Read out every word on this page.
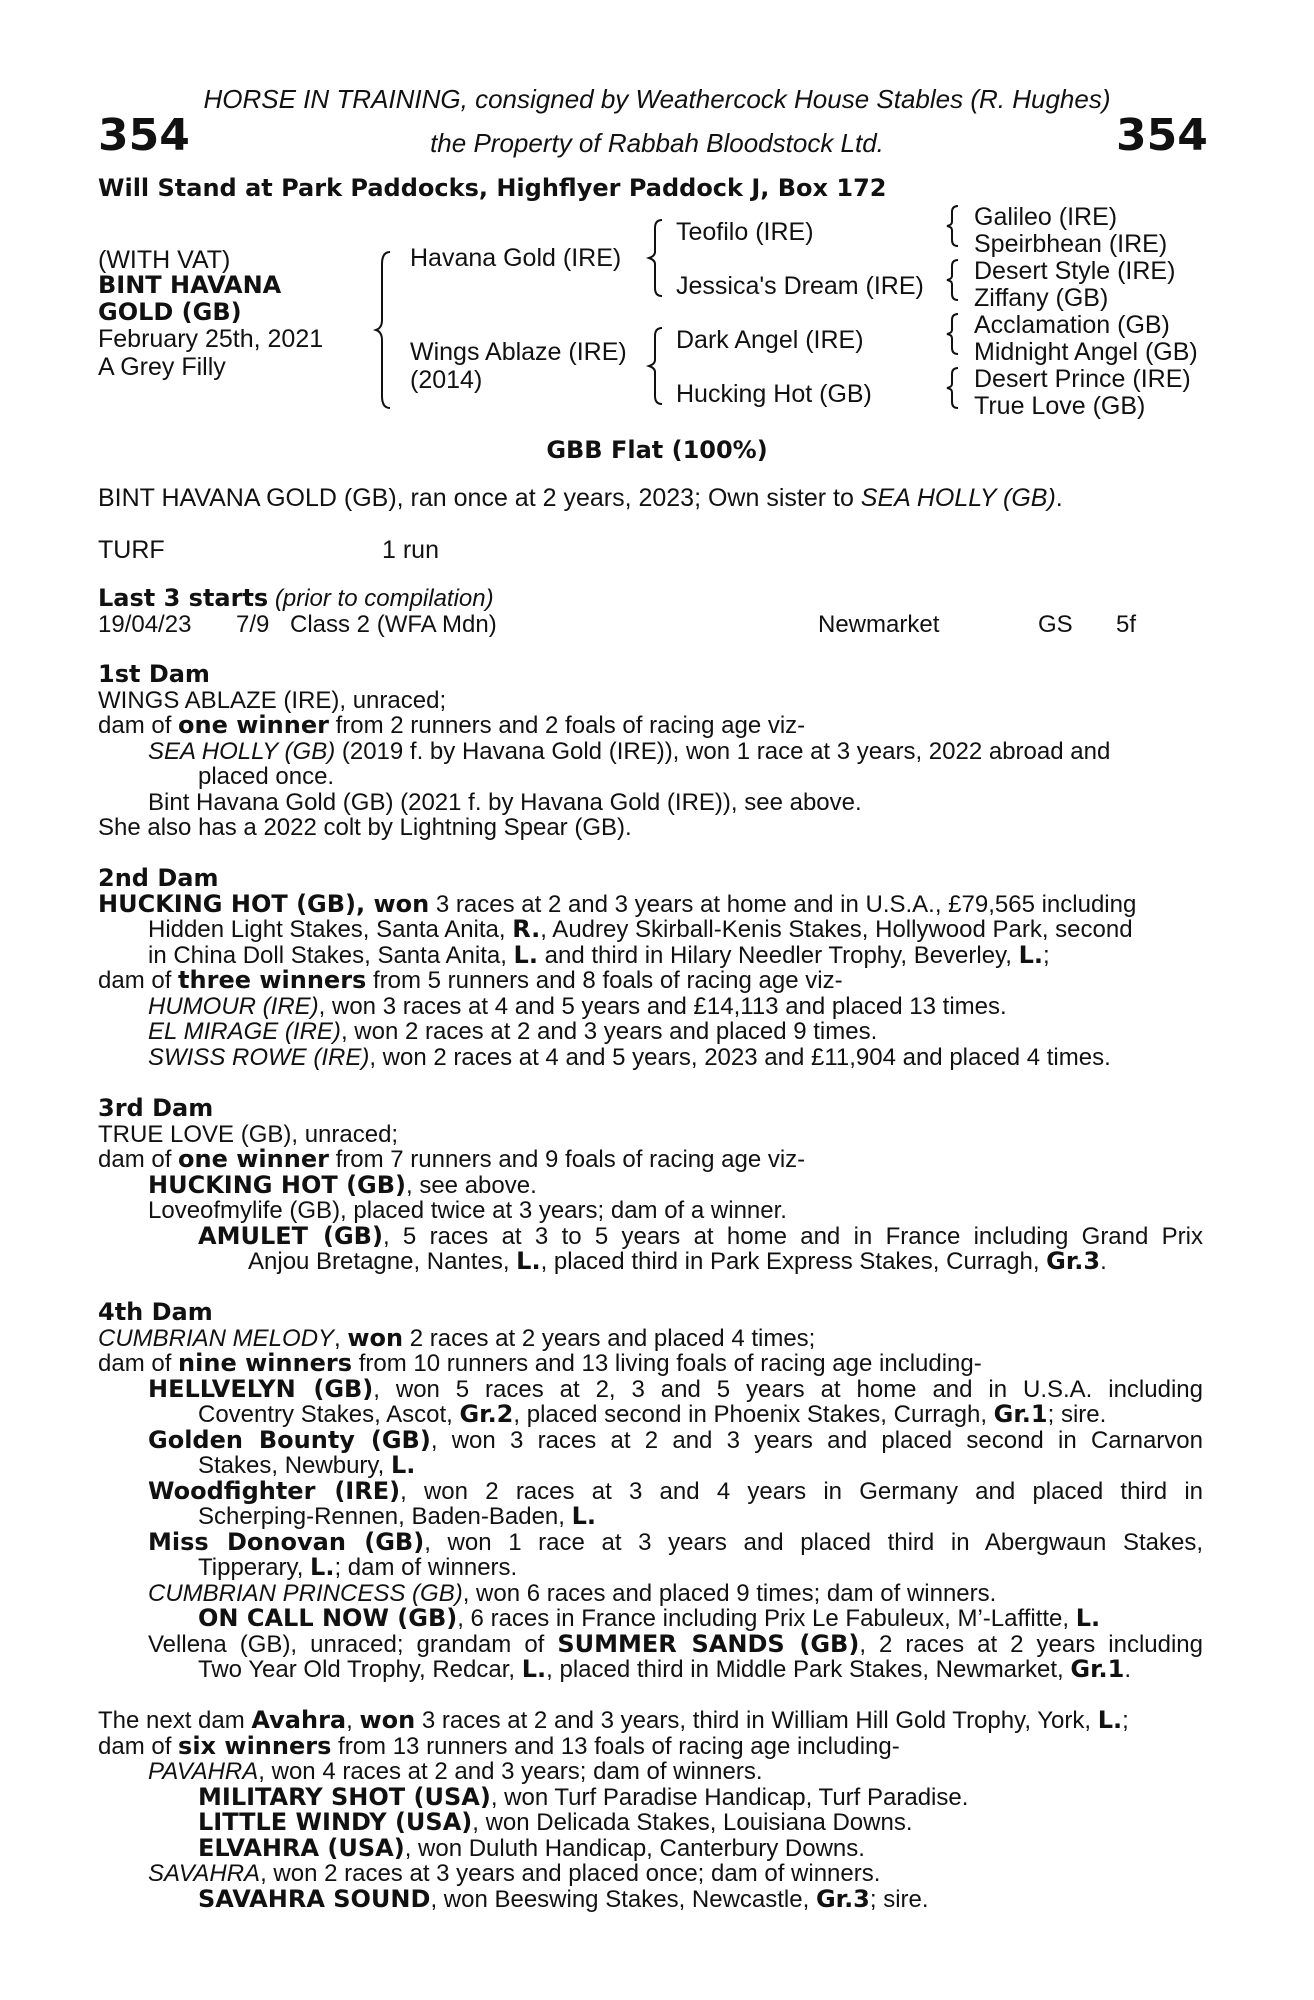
HORSE IN TRAINING, consigned by Weathercock House Stables (R. Hughes)
354	the Property of Rabbah Bloodstock Ltd.	354
Will Stand at Park Paddocks, Highflyer Paddock J, Box 172
(WITH VAT)
BINT HAVANA
GOLD (GB)
February 25th, 2021
A Grey Filly
Havana Gold (IRE)
Wings Ablaze (IRE)
(2014)
Teofilo (IRE)
Jessica's Dream (IRE)
Dark Angel (IRE)
Hucking Hot (GB)
Galileo (IRE)
Speirbhean (IRE)
Desert Style (IRE)
Ziffany (GB)
Acclamation (GB)
Midnight Angel (GB)
Desert Prince (IRE)
True Love (GB)
GBB Flat (100%)
BINT HAVANA GOLD (GB), ran once at 2 years, 2023; Own sister to SEA HOLLY (GB).
TURF	1 run
Last 3 starts (prior to compilation)
19/04/23 7/9 Class 2 (WFA Mdn)	Newmarket	GS 5f
1st Dam
WINGS ABLAZE (IRE), unraced;
dam of one winner from 2 runners and 2 foals of racing age viz-
SEA HOLLY (GB) (2019 f. by Havana Gold (IRE)), won 1 race at 3 years, 2022 abroad and
placed once.
Bint Havana Gold (GB) (2021 f. by Havana Gold (IRE)), see above.
She also has a 2022 colt by Lightning Spear (GB).
2nd Dam
HUCKING HOT (GB), won 3 races at 2 and 3 years at home and in U.S.A., £79,565 including
Hidden Light Stakes, Santa Anita, R., Audrey Skirball-Kenis Stakes, Hollywood Park, second
in China Doll Stakes, Santa Anita, L. and third in Hilary Needler Trophy, Beverley, L.;
dam of three winners from 5 runners and 8 foals of racing age viz-
HUMOUR (IRE), won 3 races at 4 and 5 years and £14,113 and placed 13 times.
EL MIRAGE (IRE), won 2 races at 2 and 3 years and placed 9 times.
SWISS ROWE (IRE), won 2 races at 4 and 5 years, 2023 and £11,904 and placed 4 times.
3rd Dam
TRUE LOVE (GB), unraced;
dam of one winner from 7 runners and 9 foals of racing age viz-
HUCKING HOT (GB), see above.
Loveofmylife (GB), placed twice at 3 years; dam of a winner.
AMULET (GB), 5 races at 3 to 5 years at home and in France including Grand Prix
Anjou Bretagne, Nantes, L., placed third in Park Express Stakes, Curragh, Gr.3.
4th Dam
CUMBRIAN MELODY, won 2 races at 2 years and placed 4 times;
dam of nine winners from 10 runners and 13 living foals of racing age including-
HELLVELYN (GB), won 5 races at 2, 3 and 5 years at home and in U.S.A. including
Coventry Stakes, Ascot, Gr.2, placed second in Phoenix Stakes, Curragh, Gr.1; sire.
Golden Bounty (GB), won 3 races at 2 and 3 years and placed second in Carnarvon
Stakes, Newbury, L.
Woodfighter (IRE), won 2 races at 3 and 4 years in Germany and placed third in
Scherping-Rennen, Baden-Baden, L.
Miss Donovan (GB), won 1 race at 3 years and placed third in Abergwaun Stakes,
Tipperary, L.; dam of winners.
CUMBRIAN PRINCESS (GB), won 6 races and placed 9 times; dam of winners.
ON CALL NOW (GB), 6 races in France including Prix Le Fabuleux, M’-Laffitte, L.
Vellena (GB), unraced; grandam of SUMMER SANDS (GB), 2 races at 2 years including
Two Year Old Trophy, Redcar, L., placed third in Middle Park Stakes, Newmarket, Gr.1.
The next dam Avahra, won 3 races at 2 and 3 years, third in William Hill Gold Trophy, York, L.;
dam of six winners from 13 runners and 13 foals of racing age including-
PAVAHRA, won 4 races at 2 and 3 years; dam of winners.
MILITARY SHOT (USA), won Turf Paradise Handicap, Turf Paradise.
LITTLE WINDY (USA), won Delicada Stakes, Louisiana Downs.
ELVAHRA (USA), won Duluth Handicap, Canterbury Downs.
SAVAHRA, won 2 races at 3 years and placed once; dam of winners.
SAVAHRA SOUND, won Beeswing Stakes, Newcastle, Gr.3; sire.
